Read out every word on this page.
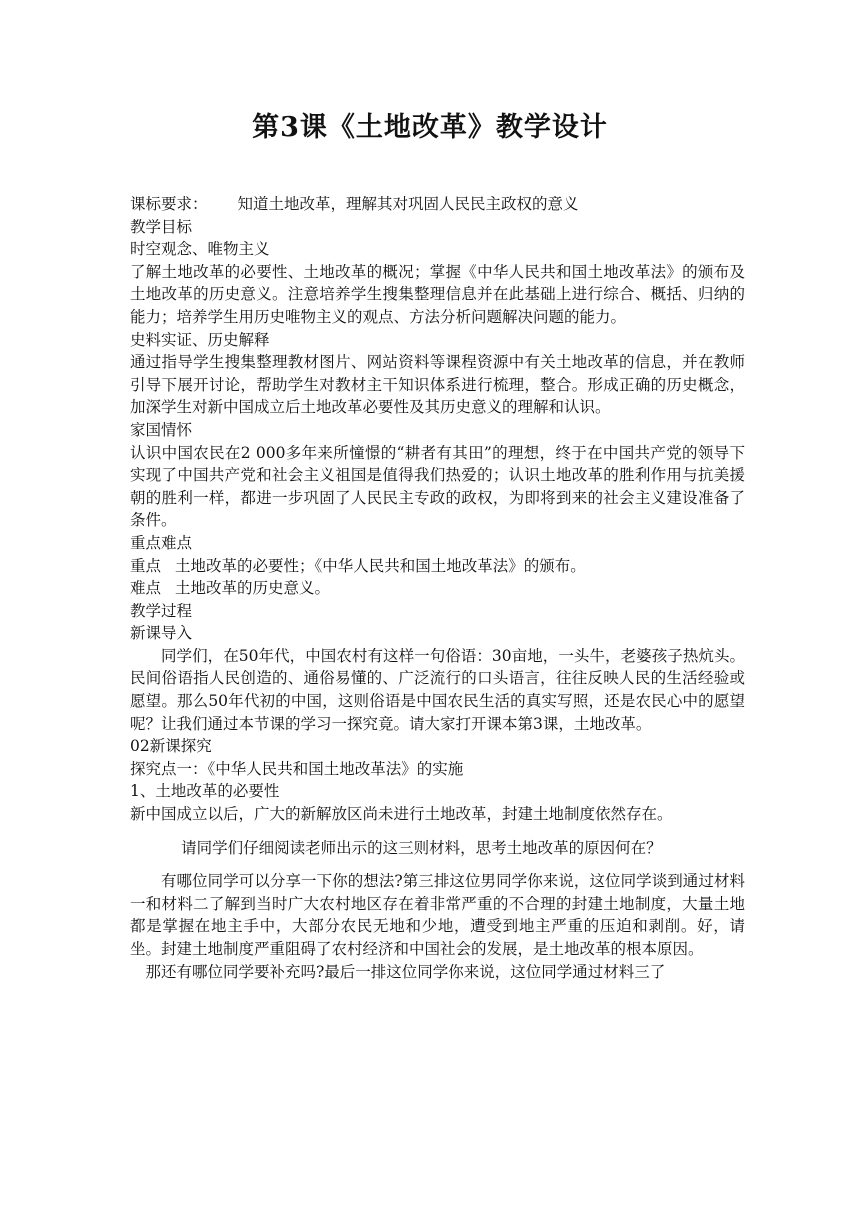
第3课《土地改革》教学设计

课标要求： 知道土地改革，理解其对巩固人民民主政权的意义

教学目标

时空观念、唯物主义

了解土地改革的必要性、土地改革的概况；掌握《中华人民共和国土地改革法》的颁布及土地改革的历史意义。注意培养学生搜集整理信息并在此基础上进行综合、概括、归纳的能力；培养学生用历史唯物主义的观点、方法分析问题解决问题的能力。

史料实证、历史解释

通过指导学生搜集整理教材图片、网站资料等课程资源中有关土地改革的信息，并在教师引导下展开讨论，帮助学生对教材主干知识体系进行梳理，整合。形成正确的历史概念，加深学生对新中国成立后土地改革必要性及其历史意义的理解和认识。

家国情怀

认识中国农民在2 000多年来所憧憬的“耕者有其田”的理想，终于在中国共产党的领导下实现了中国共产党和社会主义祖国是值得我们热爱的；认识土地改革的胜利作用与抗美援朝的胜利一样，都进一步巩固了人民民主专政的政权，为即将到来的社会主义建设准备了条件。

重点难点

重点 土地改革的必要性；《中华人民共和国土地改革法》的颁布。

难点 土地改革的历史意义。

教学过程

新课导入

同学们，在50年代，中国农村有这样一句俗语：30亩地，一头牛，老婆孩子热炕头。民间俗语指人民创造的、通俗易懂的、广泛流行的口头语言，往往反映人民的生活经验或愿望。那么50年代初的中国，这则俗语是中国农民生活的真实写照，还是农民心中的愿望呢？让我们通过本节课的学习一探究竟。请大家打开课本第3课，土地改革。

02新课探究

探究点一：《中华人民共和国土地改革法》的实施

1、土地改革的必要性

新中国成立以后，广大的新解放区尚未进行土地改革，封建土地制度依然存在。

请同学们仔细阅读老师出示的这三则材料，思考土地改革的原因何在？

有哪位同学可以分享一下你的想法?第三排这位男同学你来说，这位同学谈到通过材料一和材料二了解到当时广大农村地区存在着非常严重的不合理的封建土地制度，大量土地都是掌握在地主手中，大部分农民无地和少地，遭受到地主严重的压迫和剥削。好，请坐。封建土地制度严重阻碍了农村经济和中国社会的发展，是土地改革的根本原因。

那还有哪位同学要补充吗?最后一排这位同学你来说，这位同学通过材料三了
